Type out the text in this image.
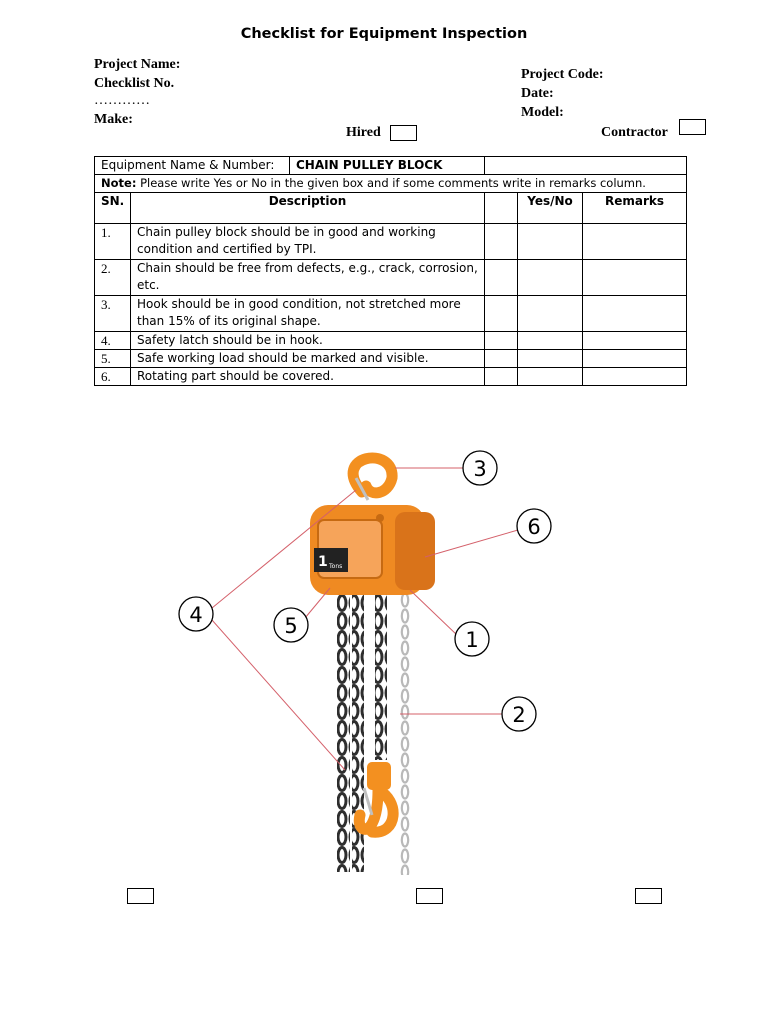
Checklist for Equipment Inspection
Project Name:
Checklist No.
…………
Make:
Project Code:
Date:
Model:
Hired	Contractor
Equipment Name & Number: CHAIN PULLEY BLOCK				

Note: Please write Yes or No in the given box and if some comments write in remarks column.				
SN.	Description		Yes/No	Remarks
1.	Chain pulley block should be in good and working condition and certified by TPI.			
2.	Chain should be free from defects, e.g., crack, corrosion, etc.			
3.	Hook should be in good condition, not stretched more than 15% of its original shape.			
4.	Safety latch should be in hook.			
5.	Safe working load should be marked and visible.			
6.	Rotating part should be covered.			
1 Tons
3
6
4	5
1
2
